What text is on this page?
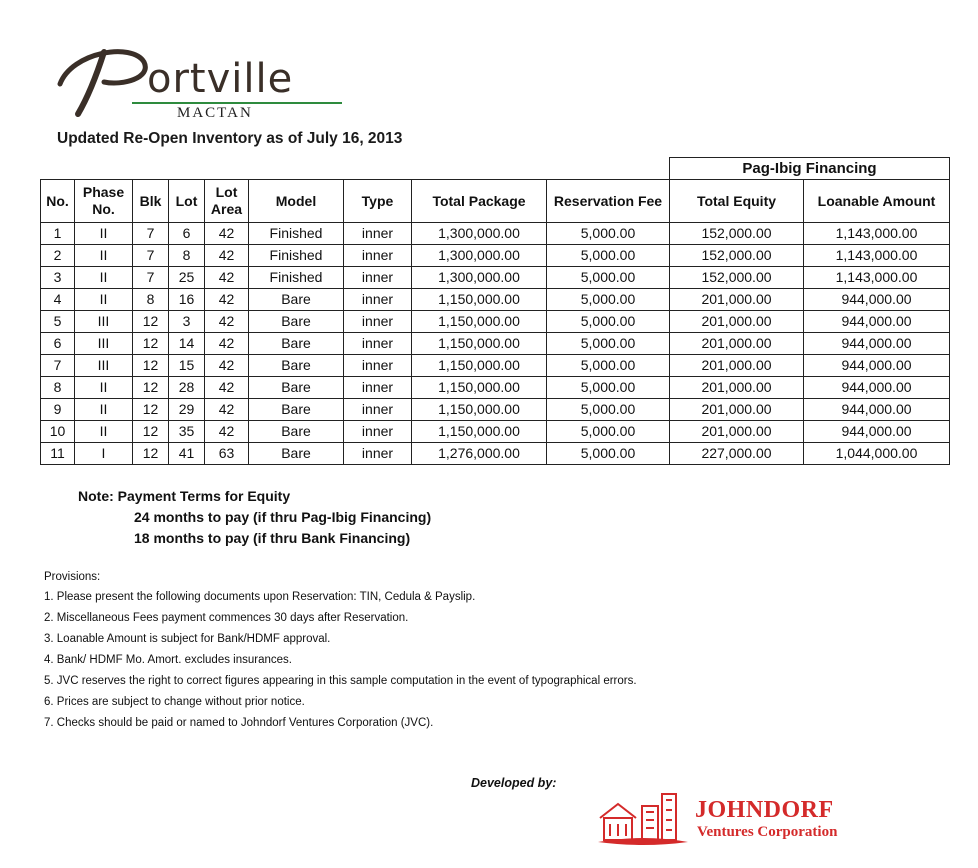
ortville
MACTAN
Updated Re-Open Inventory as of July 16, 2013
									Pag-Ibig Financing	
No.	Phase No.	Blk	Lot	Lot Area	Model	Type	Total Package	Reservation Fee	Total Equity	Loanable Amount
1	II	7	6	42	Finished	inner	1,300,000.00	5,000.00	152,000.00	1,143,000.00
2	II	7	8	42	Finished	inner	1,300,000.00	5,000.00	152,000.00	1,143,000.00
3	II	7	25	42	Finished	inner	1,300,000.00	5,000.00	152,000.00	1,143,000.00
4	II	8	16	42	Bare	inner	1,150,000.00	5,000.00	201,000.00	944,000.00
5	III	12	3	42	Bare	inner	1,150,000.00	5,000.00	201,000.00	944,000.00
6	III	12	14	42	Bare	inner	1,150,000.00	5,000.00	201,000.00	944,000.00
7	III	12	15	42	Bare	inner	1,150,000.00	5,000.00	201,000.00	944,000.00
8	II	12	28	42	Bare	inner	1,150,000.00	5,000.00	201,000.00	944,000.00
9	II	12	29	42	Bare	inner	1,150,000.00	5,000.00	201,000.00	944,000.00
10	II	12	35	42	Bare	inner	1,150,000.00	5,000.00	201,000.00	944,000.00
11	I	12	41	63	Bare	inner	1,276,000.00	5,000.00	227,000.00	1,044,000.00
Note: Payment Terms for Equity
24 months to pay (if thru Pag-Ibig Financing)
18 months to pay (if thru Bank Financing)
Provisions:
1. Please present the following documents upon Reservation: TIN, Cedula & Payslip.
2. Miscellaneous Fees payment commences 30 days after Reservation.
3. Loanable Amount is subject for Bank/HDMF approval.
4. Bank/ HDMF Mo. Amort. excludes insurances.
5. JVC reserves the right to correct figures appearing in this sample computation in the event of typographical errors.
6. Prices are subject to change without prior notice.
7. Checks should be paid or named to Johndorf Ventures Corporation (JVC).
Developed by:
JOHNDORF
Ventures Corporation
